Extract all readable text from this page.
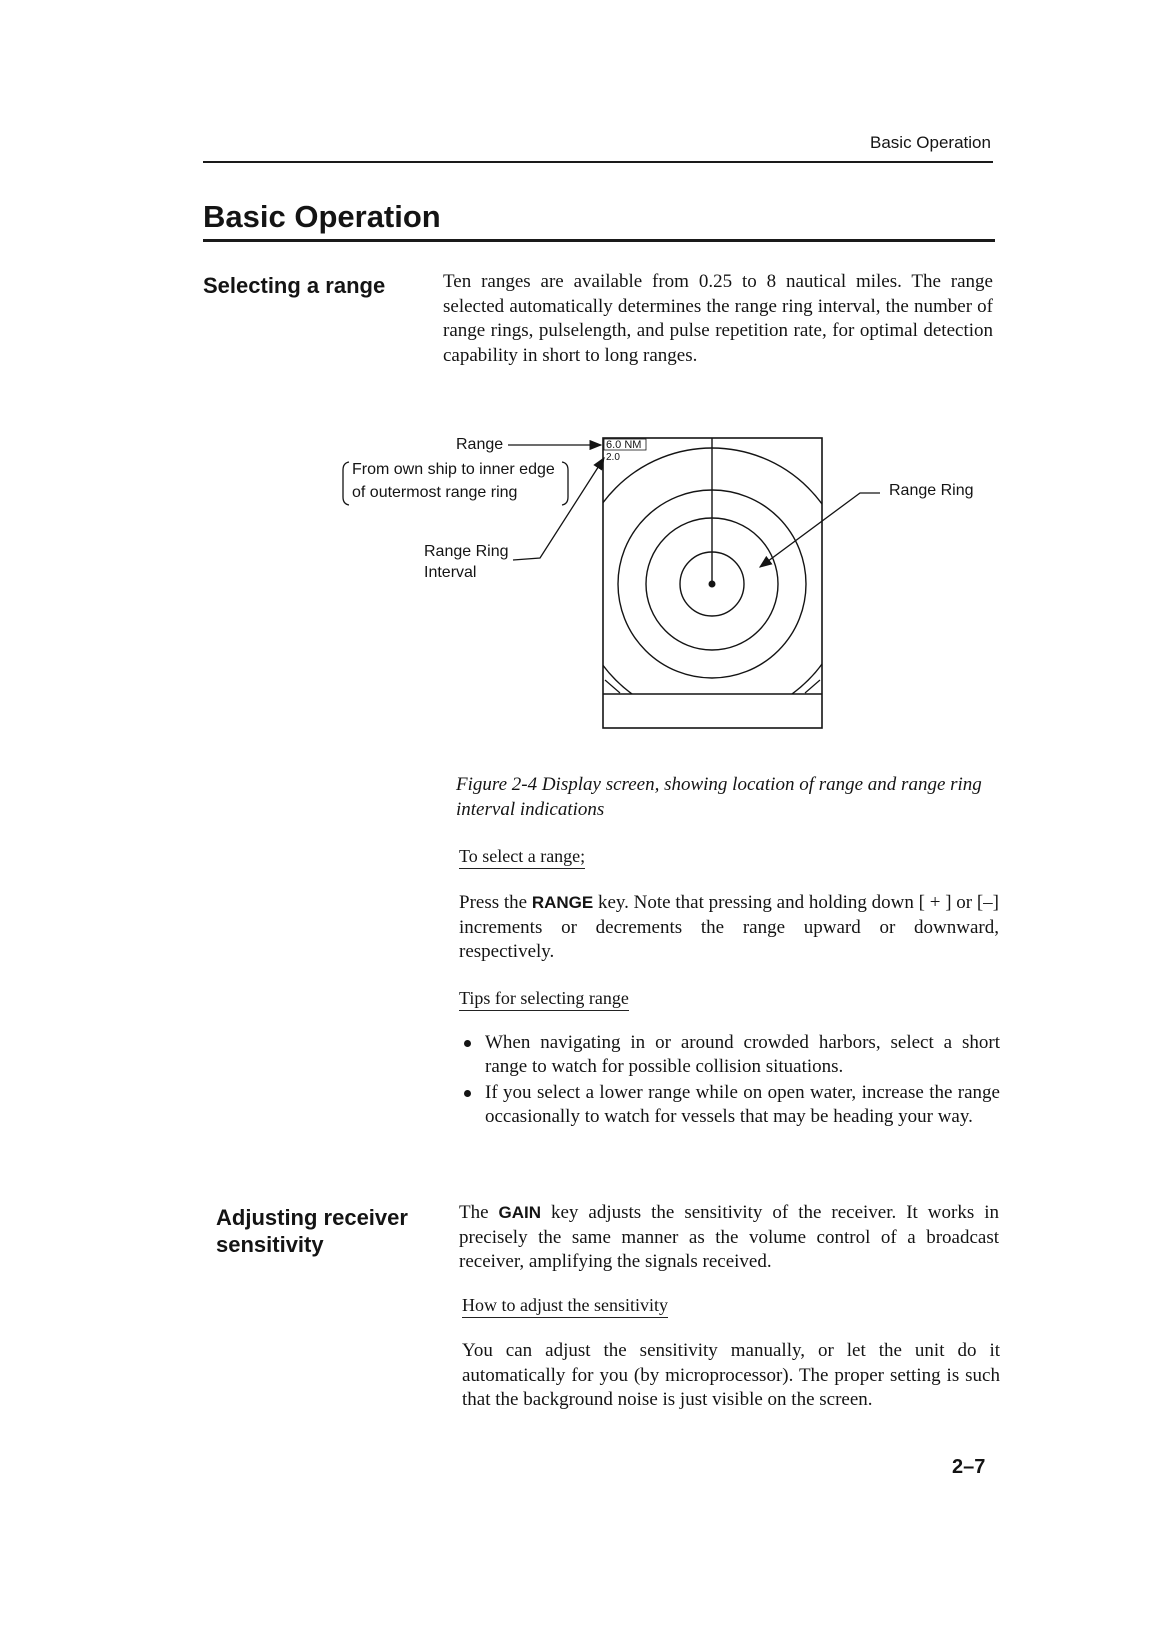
Basic Operation
Basic Operation
Selecting a range	Ten ranges are available from 0.25 to 8 nautical miles. The range selected automatically determines the range ring interval, the number of range rings, pulselength, and pulse repetition rate, for optimal detection capability in short to long ranges.
6.0 NM
2.0
Range
From own ship to inner edge
of outermost range ring
Range Ring
Interval
Range Ring
Figure 2-4 Display screen, showing location of range and range ring interval indications
To select a range;
Press the RANGE key. Note that pressing and holding down [ + ] or [–] increments or decrements the range upward or downward, respectively.
Tips for selecting range
When navigating in or around crowded harbors, select a short range to watch for possible collision situations.
If you select a lower range while on open water, increase the range occasionally to watch for vessels that may be heading your way.
Adjusting receiver
sensitivity
The GAIN key adjusts the sensitivity of the receiver. It works in precisely the same manner as the volume control of a broadcast receiver, amplifying the signals received.
How to adjust the sensitivity
You can adjust the sensitivity manually, or let the unit do it automatically for you (by microprocessor). The proper setting is such that the background noise is just visible on the screen.
2–7
